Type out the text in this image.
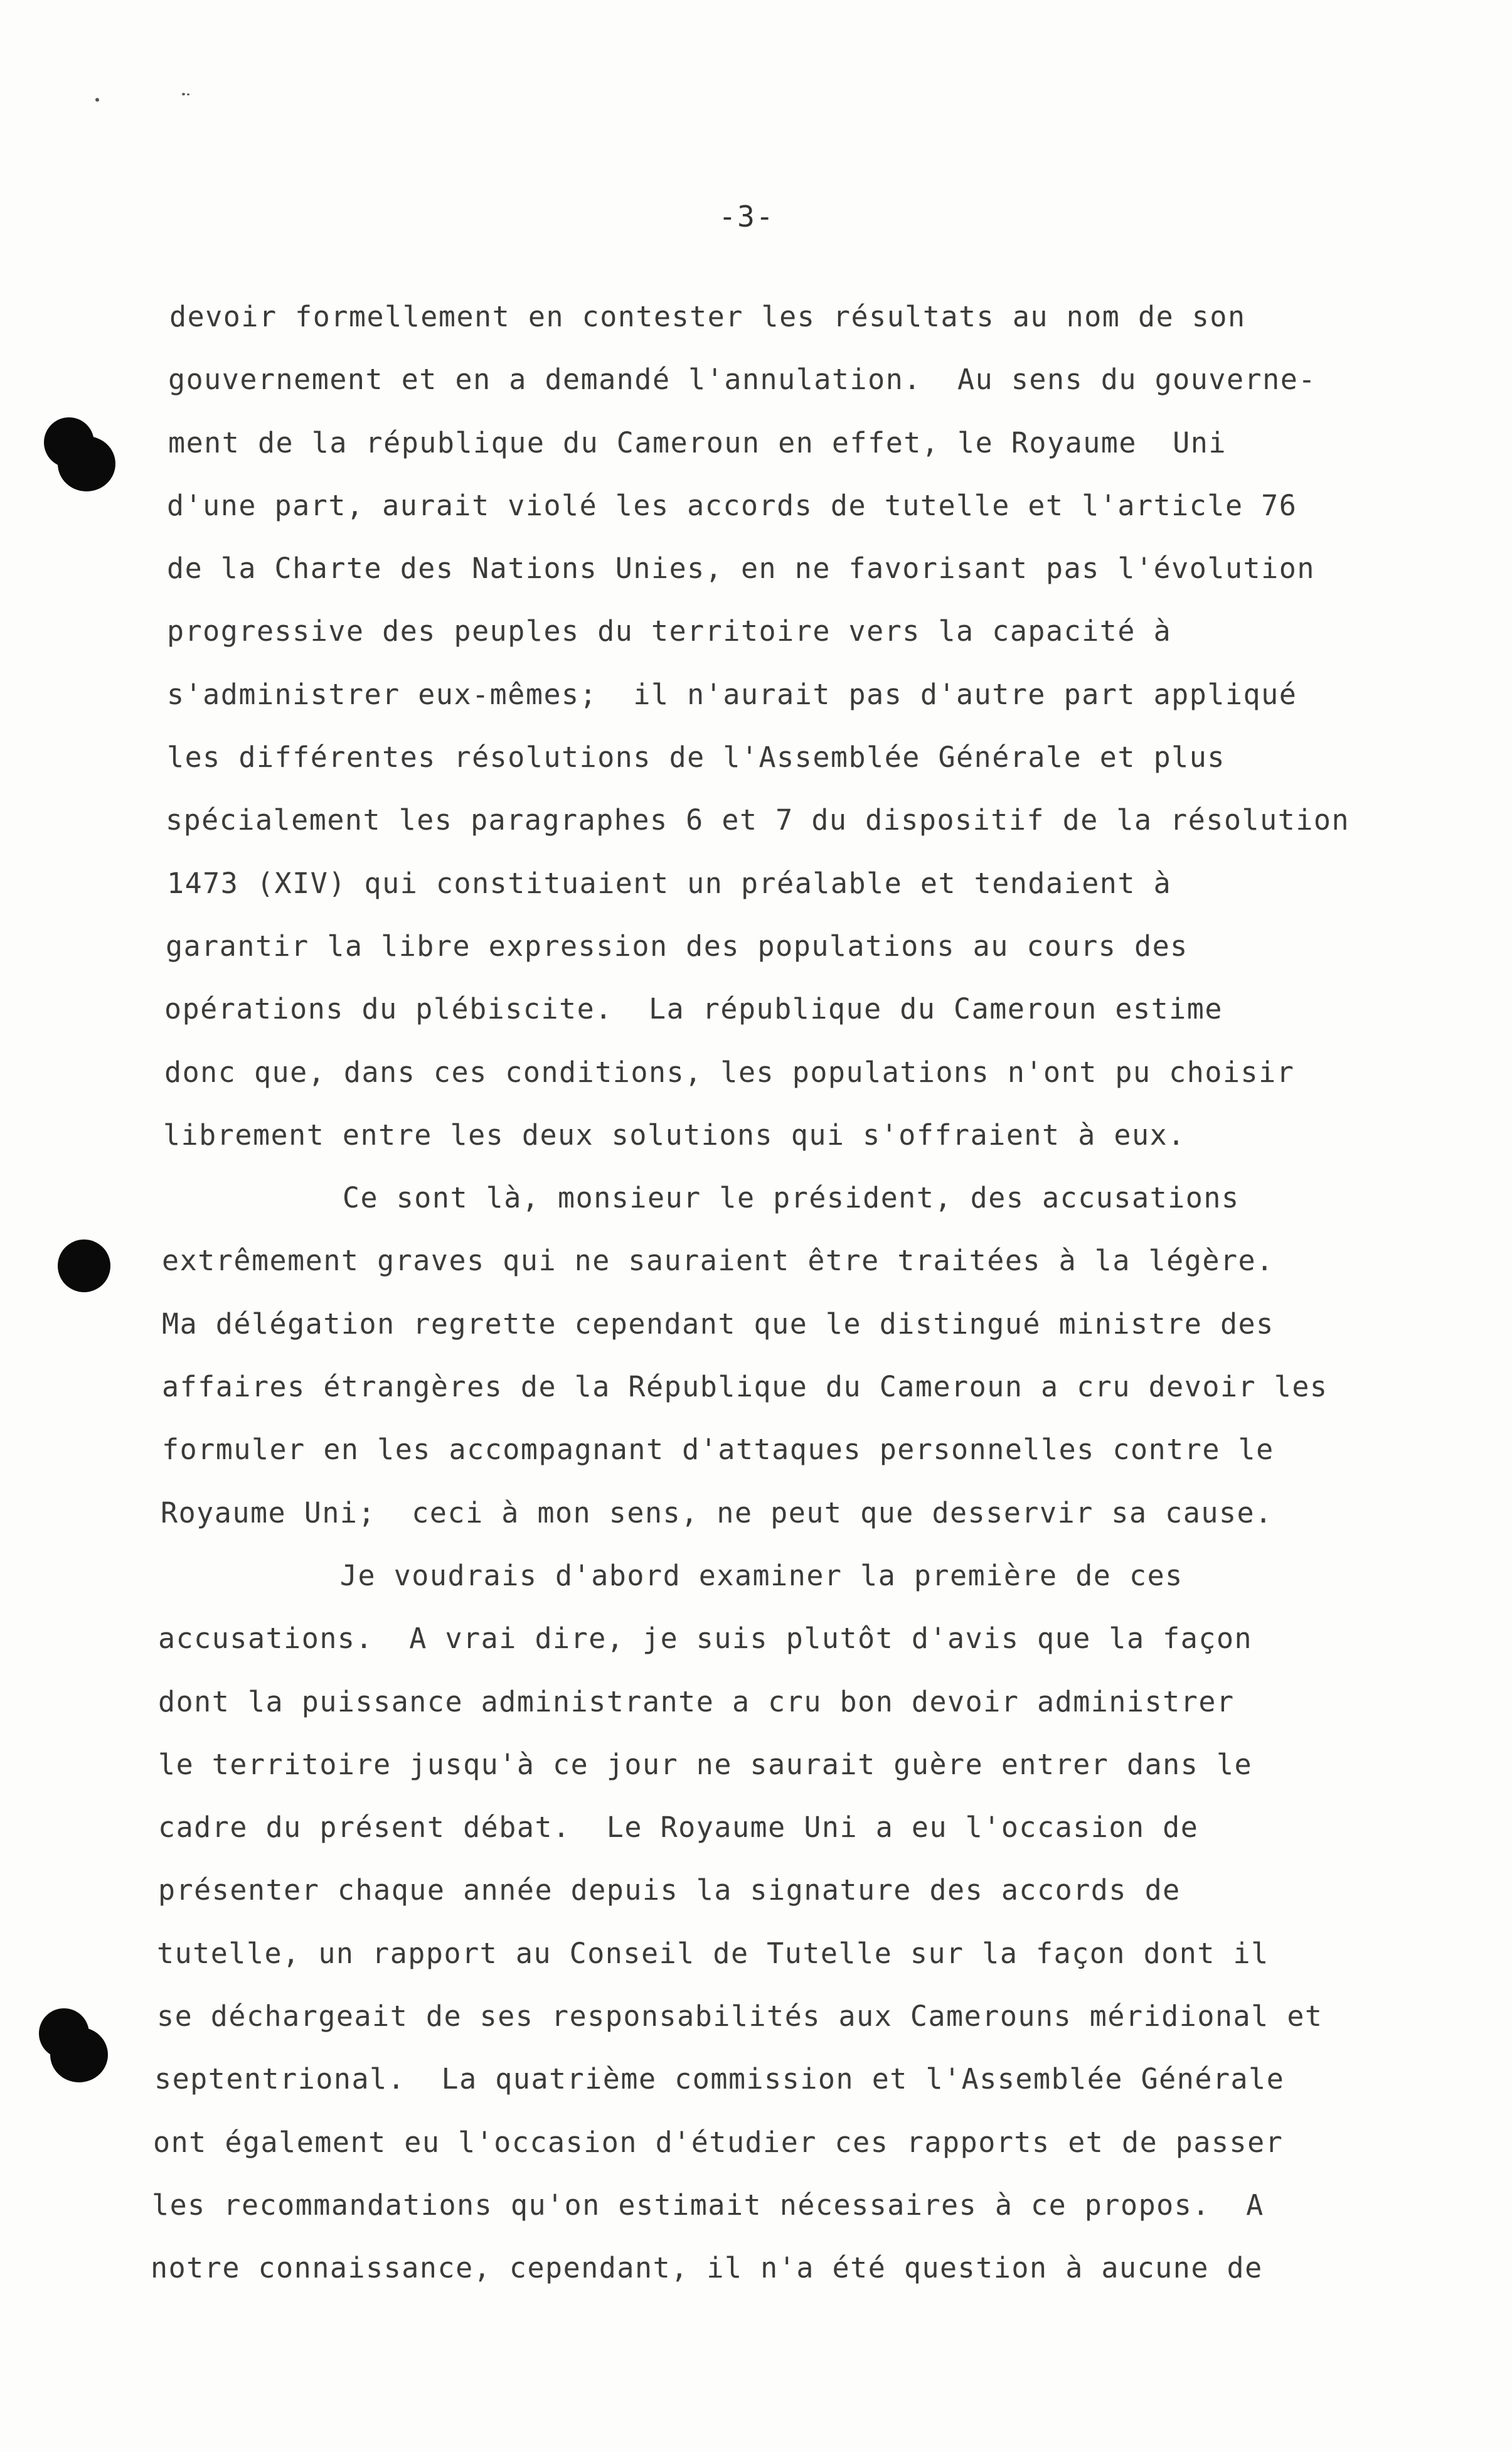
-3-
devoir formellement en contester les résultats au nom de son
gouvernement et en a demandé l'annulation.  Au sens du gouverne-
ment de la république du Cameroun en effet, le Royaume  Uni
d'une part, aurait violé les accords de tutelle et l'article 76
de la Charte des Nations Unies, en ne favorisant pas l'évolution
progressive des peuples du territoire vers la capacité à
s'administrer eux-mêmes;  il n'aurait pas d'autre part appliqué
les différentes résolutions de l'Assemblée Générale et plus
spécialement les paragraphes 6 et 7 du dispositif de la résolution
1473 (XIV) qui constituaient un préalable et tendaient à
garantir la libre expression des populations au cours des
opérations du plébiscite.  La république du Cameroun estime
donc que, dans ces conditions, les populations n'ont pu choisir
librement entre les deux solutions qui s'offraient à eux.
Ce sont là, monsieur le président, des accusations
extrêmement graves qui ne sauraient être traitées à la légère.
Ma délégation regrette cependant que le distingué ministre des
affaires étrangères de la République du Cameroun a cru devoir les
formuler en les accompagnant d'attaques personnelles contre le
Royaume Uni;  ceci à mon sens, ne peut que desservir sa cause.
Je voudrais d'abord examiner la première de ces
accusations.  A vrai dire, je suis plutôt d'avis que la façon
dont la puissance administrante a cru bon devoir administrer
le territoire jusqu'à ce jour ne saurait guère entrer dans le
cadre du présent débat.  Le Royaume Uni a eu l'occasion de
présenter chaque année depuis la signature des accords de
tutelle, un rapport au Conseil de Tutelle sur la façon dont il
se déchargeait de ses responsabilités aux Camerouns méridional et
septentrional.  La quatrième commission et l'Assemblée Générale
ont également eu l'occasion d'étudier ces rapports et de passer
les recommandations qu'on estimait nécessaires à ce propos.  A
notre connaissance, cependant, il n'a été question à aucune de
